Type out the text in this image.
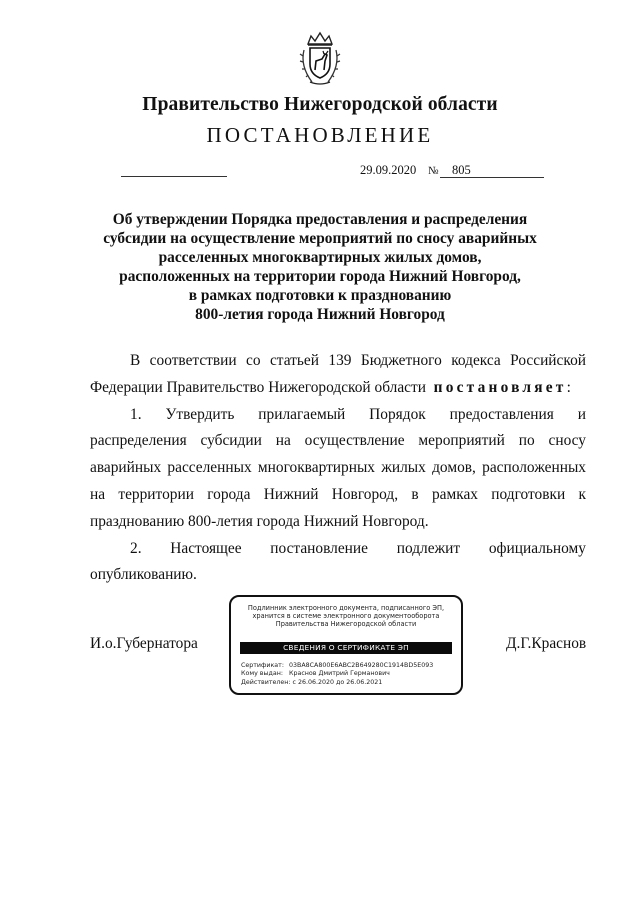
Правительство Нижегородской области
ПОСТАНОВЛЕНИЕ
29.09.2020 №	805
Об утверждении Порядка предоставления и распределения
субсидии на осуществление мероприятий по сносу аварийных
расселенных многоквартирных жилых домов,
расположенных на территории города Нижний Новгород,
в рамках подготовки к празднованию
800-летия города Нижний Новгород
В соответствии со статьей 139 Бюджетного кодекса Российской
Федерации Правительство Нижегородской области постановляет:
1. Утвердить прилагаемый Порядок предоставления и распределения субсидии на осуществление мероприятий по сносу аварийных расселенных многоквартирных жилых домов, расположенных на территории города Нижний Новгород, в рамках подготовки к празднованию 800-летия города Нижний Новгород.
2. Настоящее постановление подлежит официальному
опубликованию.
И.о.Губернатора	Д.Г.Краснов
Подлинник электронного документа, подписанного ЭП,
хранится в системе электронного документооборота
Правительства Нижегородской области
СВЕДЕНИЯ О СЕРТИФИКАТЕ ЭП
Сертификат: 03BA8CA800E6ABC2B649280C1914BD5E093
Кому выдан: Краснов Дмитрий Германович
Действителен: с 26.06.2020 до 26.06.2021
